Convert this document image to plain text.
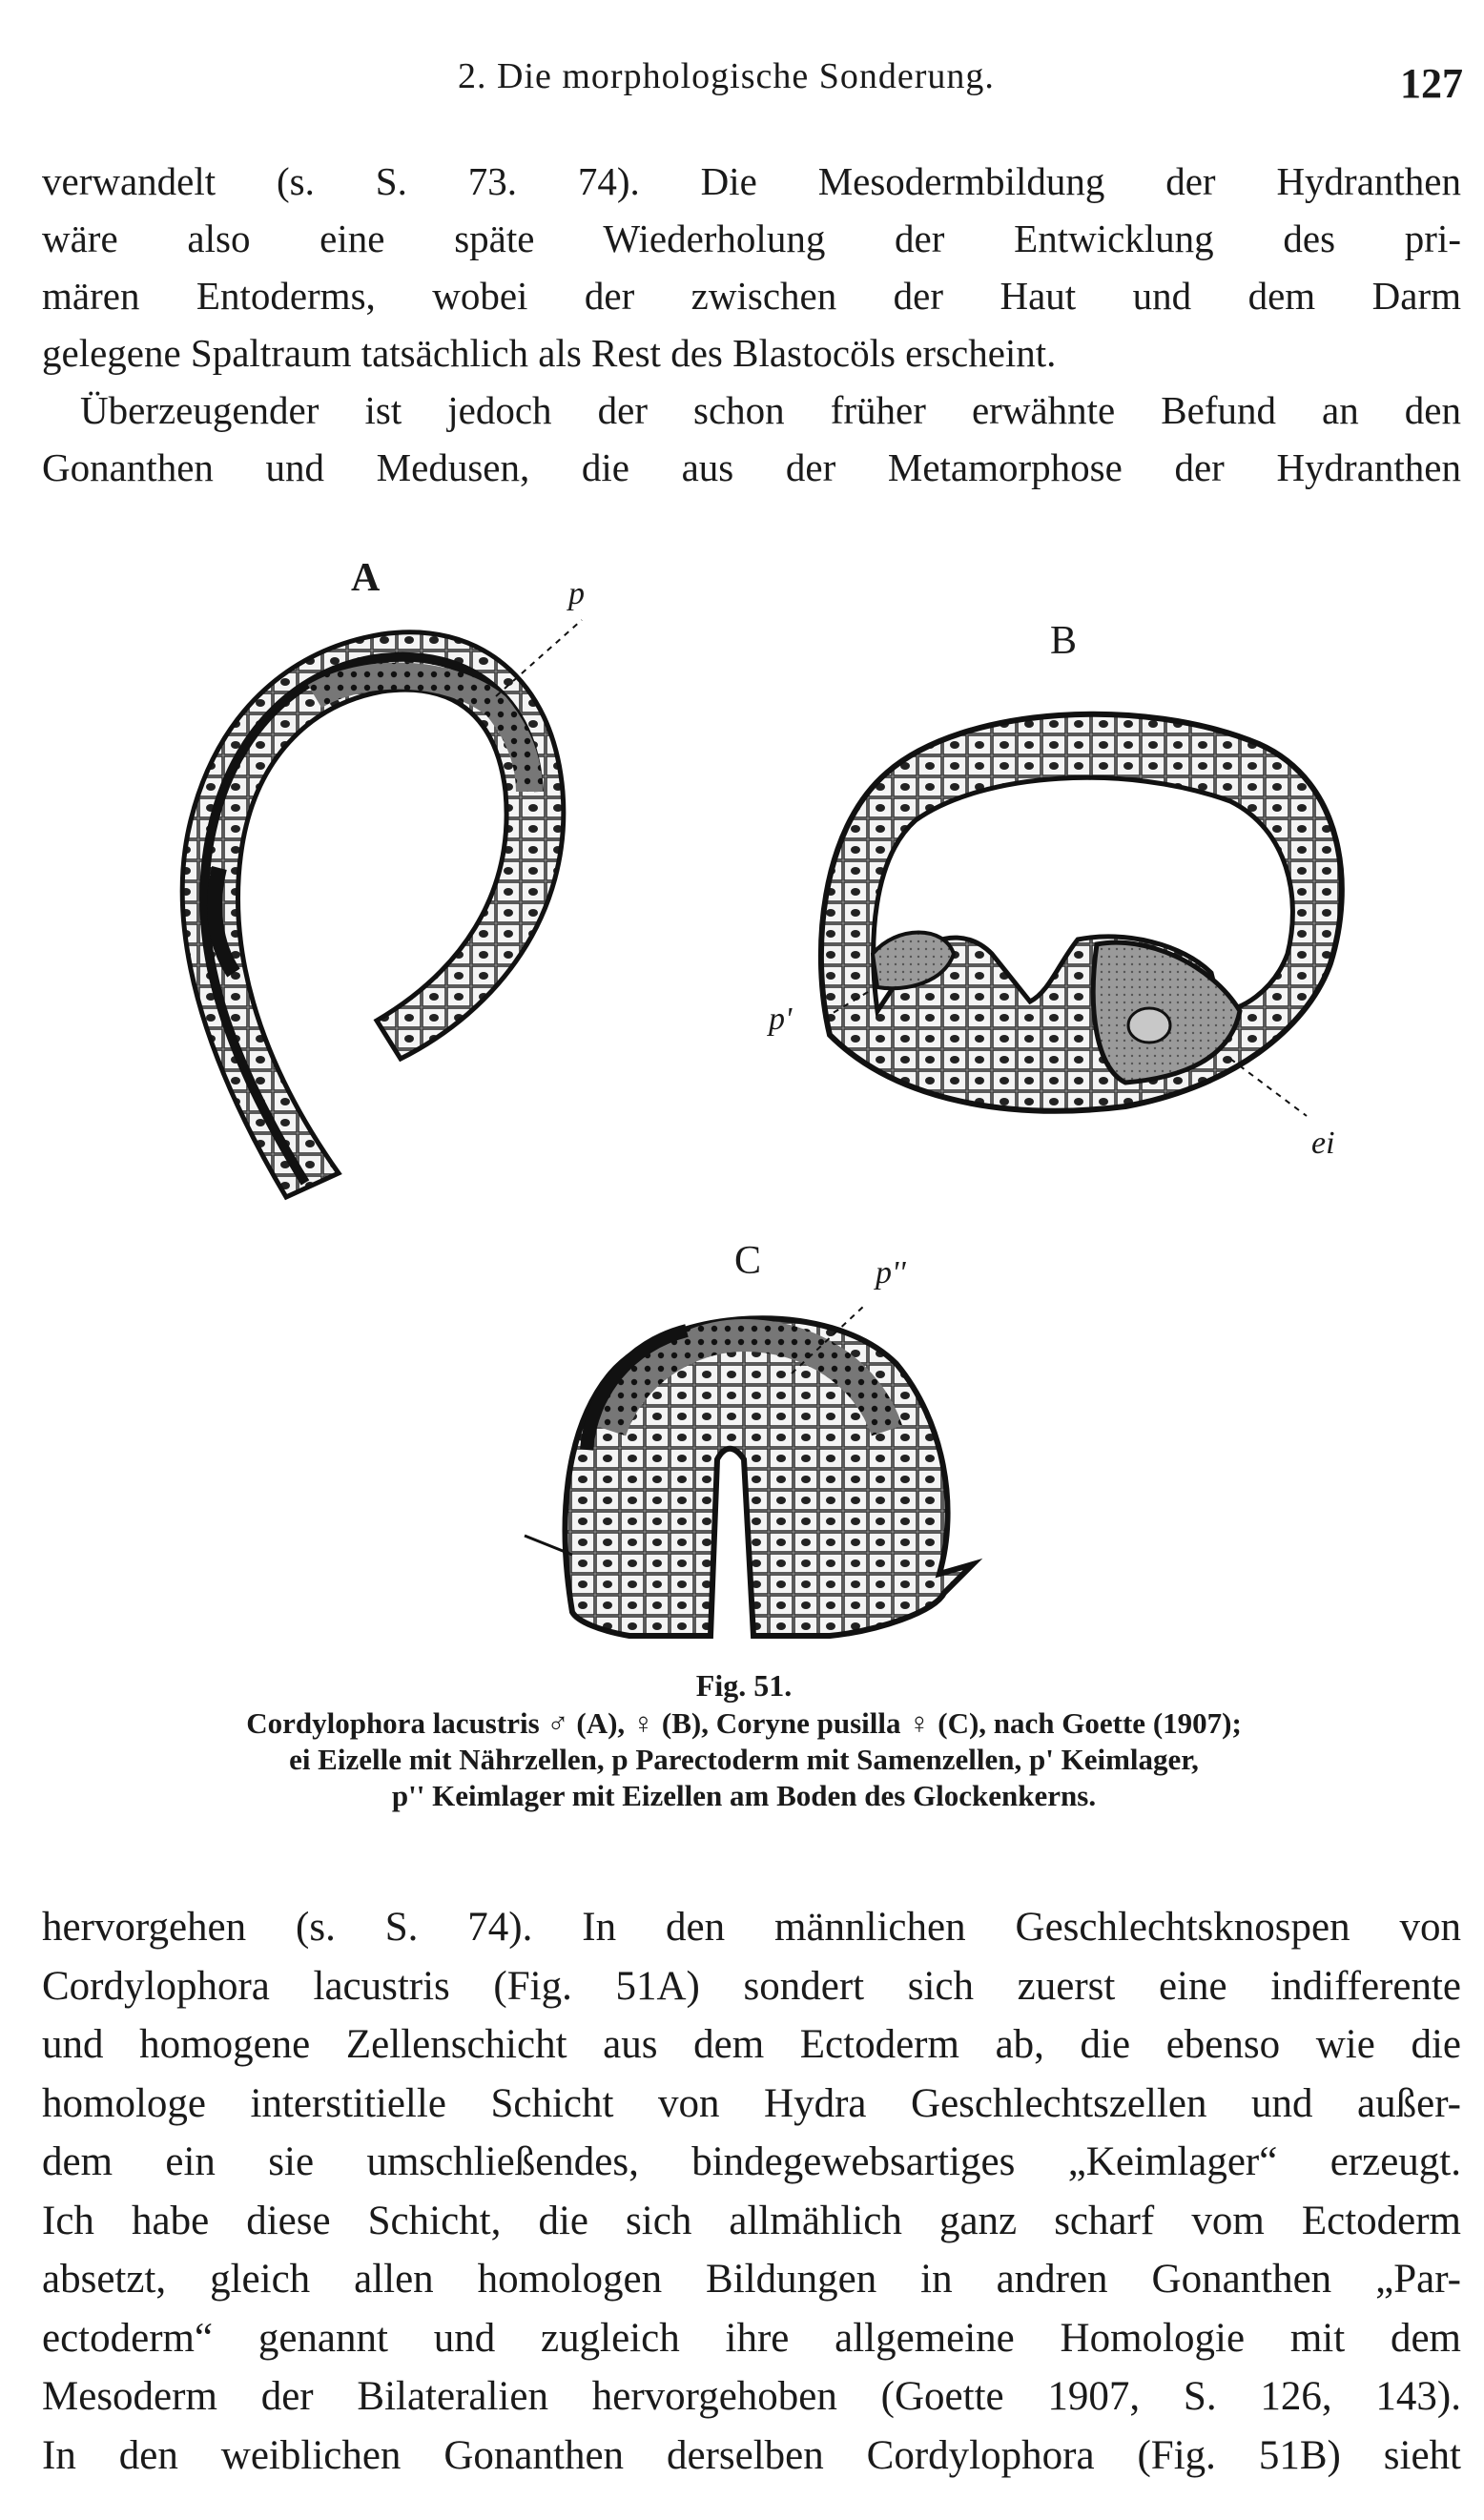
2. Die morphologische Sonderung.	127
verwandelt (s. S. 73. 74). Die Mesodermbildung der Hydranthen
wäre also eine späte Wiederholung der Entwicklung des pri-
mären Entoderms, wobei der zwischen der Haut und dem Darm
gelegene Spaltraum tatsächlich als Rest des Blastocöls erscheint.
Überzeugender ist jedoch der schon früher erwähnte Befund an den
Gonanthen und Medusen, die aus der Metamorphose der Hydranthen
A	p
B
p'
ei
C	p''
Fig. 51.
Cordylophora lacustris ♂ (A), ♀ (B), Coryne pusilla ♀ (C), nach Goette (1907);
ei Eizelle mit Nährzellen, p Parectoderm mit Samenzellen, p' Keimlager,
p'' Keimlager mit Eizellen am Boden des Glockenkerns.
hervorgehen (s. S. 74). In den männlichen Geschlechtsknospen von
Cordylophora lacustris (Fig. 51A) sondert sich zuerst eine indifferente
und homogene Zellenschicht aus dem Ectoderm ab, die ebenso wie die
homologe interstitielle Schicht von Hydra Geschlechtszellen und außer-
dem ein sie umschließendes, bindegewebsartiges „Keimlager“ erzeugt.
Ich habe diese Schicht, die sich allmählich ganz scharf vom Ectoderm
absetzt, gleich allen homologen Bildungen in andren Gonanthen „Par-
ectoderm“ genannt und zugleich ihre allgemeine Homologie mit dem
Mesoderm der Bilateralien hervorgehoben (Goette 1907, S. 126, 143).
In den weiblichen Gonanthen derselben Cordylophora (Fig. 51B) sieht
